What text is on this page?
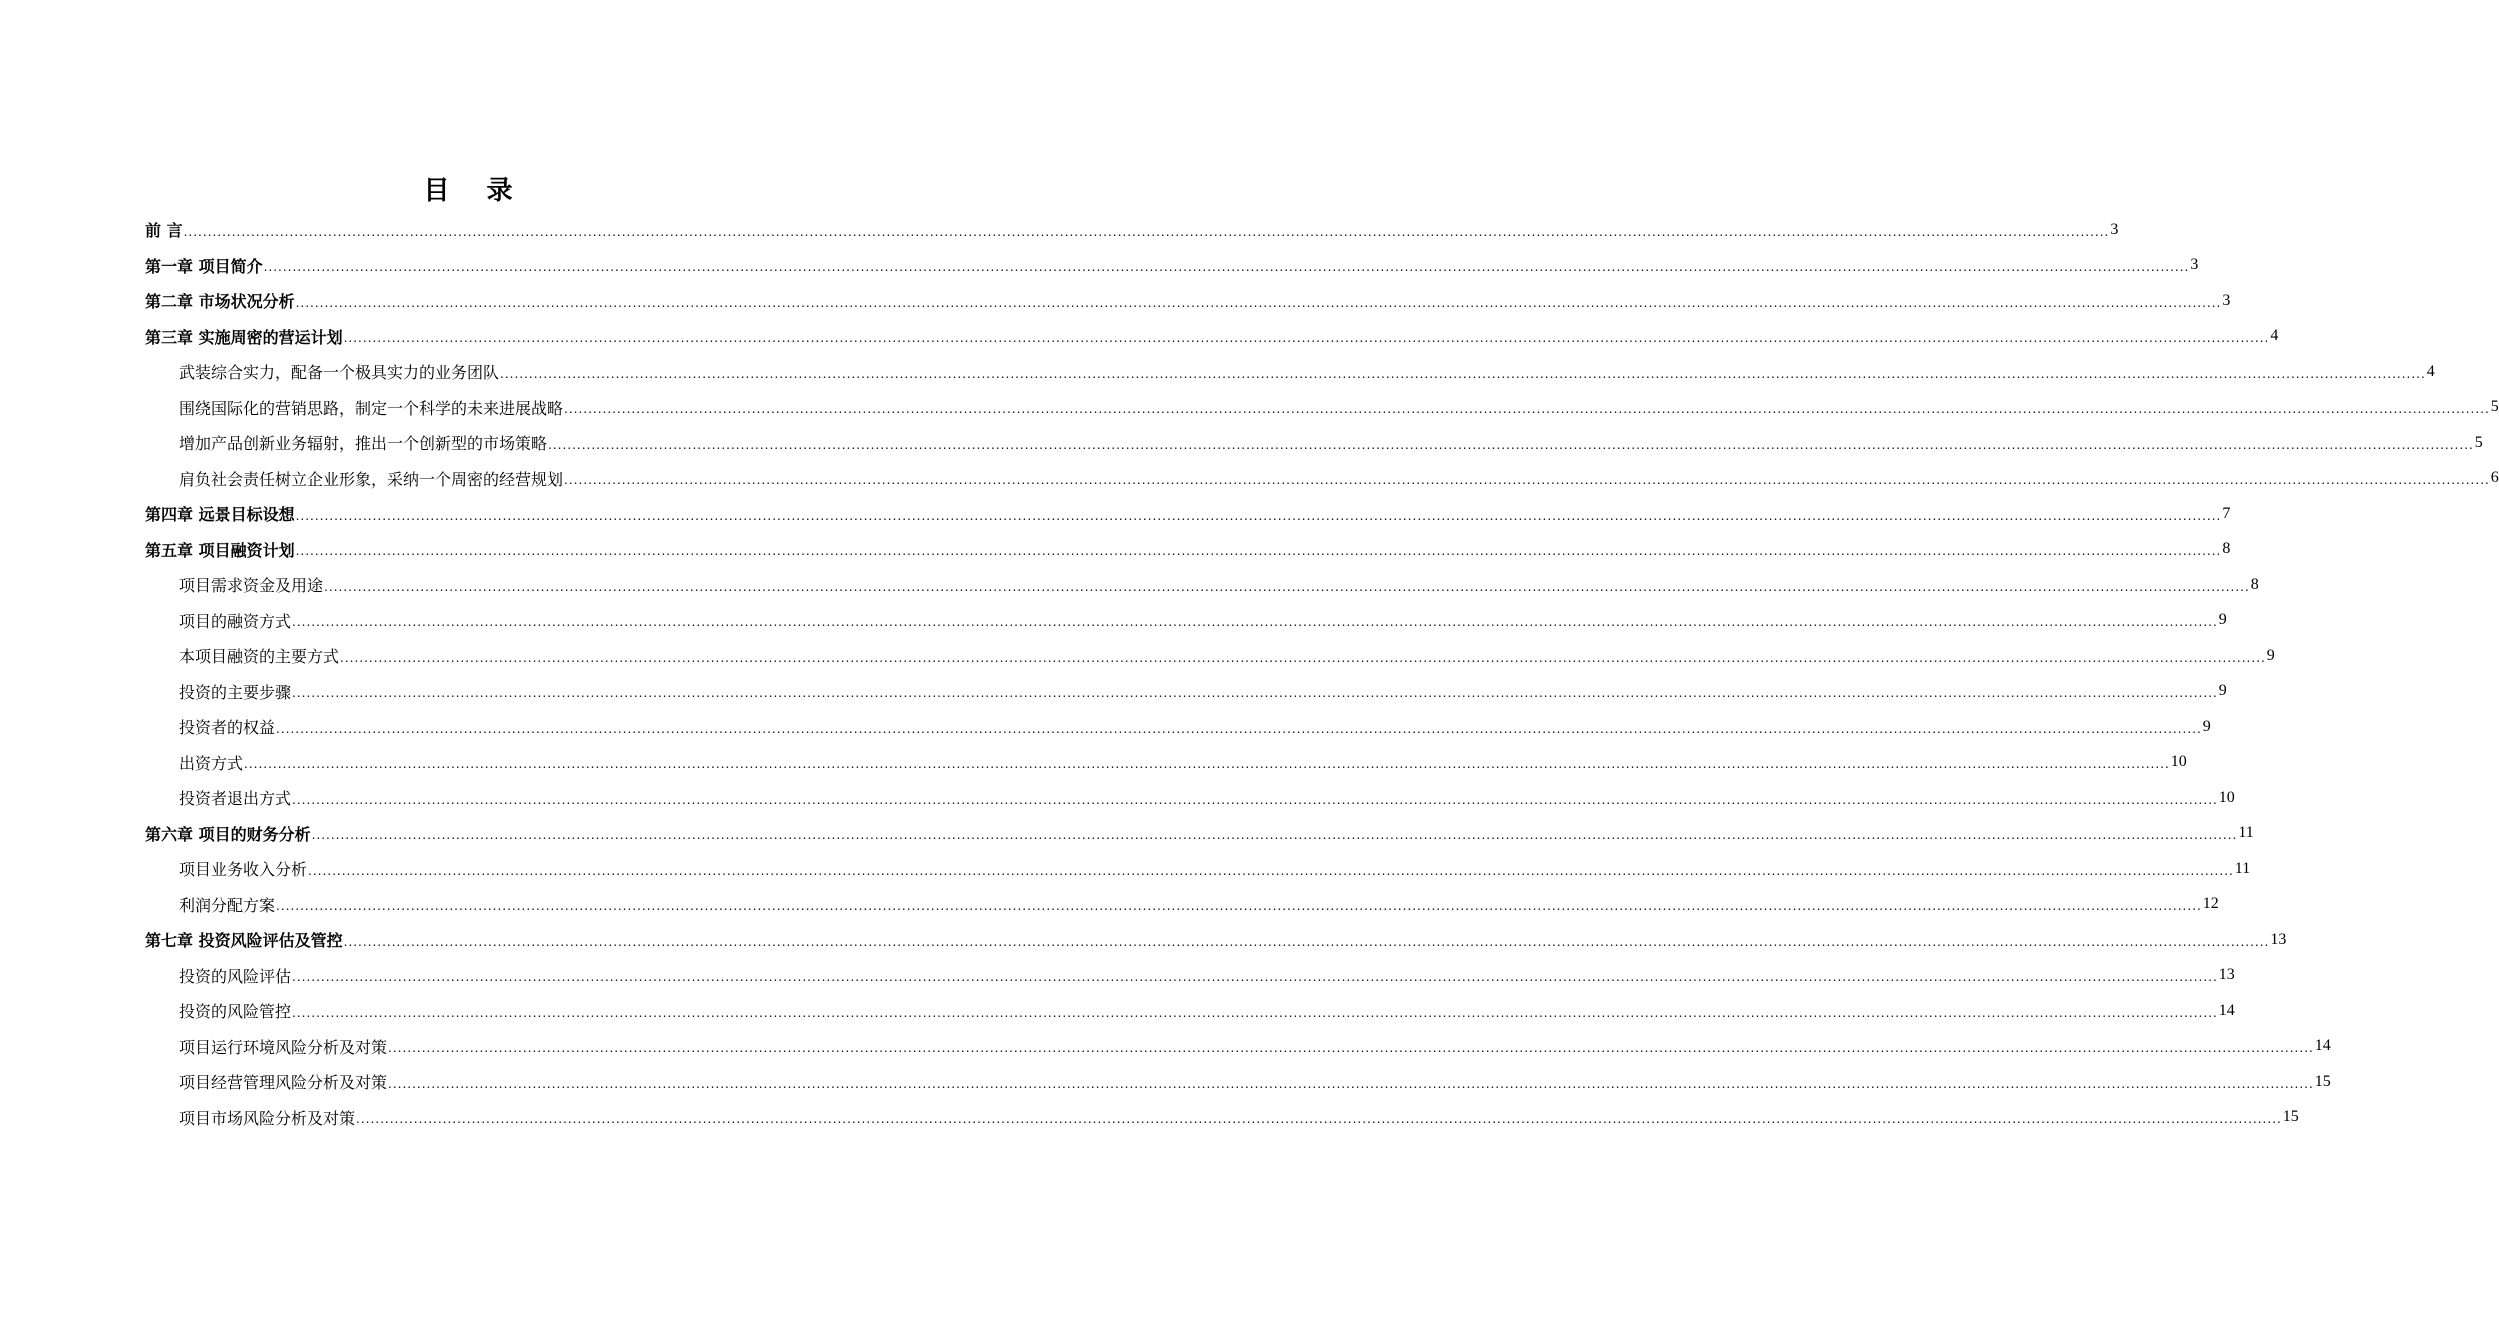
目 录
前 言 ................................................................................................................................................................................................................................................................................................................................................................................................................ 3
第一章 项目简介 ................................................................................................................................................................................................................................................................................................................................................................................................................ 3
第二章 市场状况分析 ................................................................................................................................................................................................................................................................................................................................................................................................................ 3
第三章 实施周密的营运计划 ................................................................................................................................................................................................................................................................................................................................................................................................................ 4
武装综合实力，配备一个极具实力的业务团队 ................................................................................................................................................................................................................................................................................................................................................................................................................ 4
围绕国际化的营销思路，制定一个科学的未来进展战略 ................................................................................................................................................................................................................................................................................................................................................................................................................ 5
增加产品创新业务辐射，推出一个创新型的市场策略 ................................................................................................................................................................................................................................................................................................................................................................................................................ 5
肩负社会责任树立企业形象，采纳一个周密的经营规划 ................................................................................................................................................................................................................................................................................................................................................................................................................ 6
第四章 远景目标设想 ................................................................................................................................................................................................................................................................................................................................................................................................................ 7
第五章 项目融资计划 ................................................................................................................................................................................................................................................................................................................................................................................................................ 8
项目需求资金及用途 ................................................................................................................................................................................................................................................................................................................................................................................................................ 8
项目的融资方式 ................................................................................................................................................................................................................................................................................................................................................................................................................ 9
本项目融资的主要方式 ................................................................................................................................................................................................................................................................................................................................................................................................................ 9
投资的主要步骤 ................................................................................................................................................................................................................................................................................................................................................................................................................ 9
投资者的权益 ................................................................................................................................................................................................................................................................................................................................................................................................................ 9
出资方式 ................................................................................................................................................................................................................................................................................................................................................................................................................ 10
投资者退出方式 ................................................................................................................................................................................................................................................................................................................................................................................................................ 10
第六章 项目的财务分析 ................................................................................................................................................................................................................................................................................................................................................................................................................ 11
项目业务收入分析 ................................................................................................................................................................................................................................................................................................................................................................................................................ 11
利润分配方案 ................................................................................................................................................................................................................................................................................................................................................................................................................ 12
第七章 投资风险评估及管控 ................................................................................................................................................................................................................................................................................................................................................................................................................ 13
投资的风险评估 ................................................................................................................................................................................................................................................................................................................................................................................................................ 13
投资的风险管控 ................................................................................................................................................................................................................................................................................................................................................................................................................ 14
项目运行环境风险分析及对策 ................................................................................................................................................................................................................................................................................................................................................................................................................ 14
项目经营管理风险分析及对策 ................................................................................................................................................................................................................................................................................................................................................................................................................ 15
项目市场风险分析及对策 ................................................................................................................................................................................................................................................................................................................................................................................................................ 15
